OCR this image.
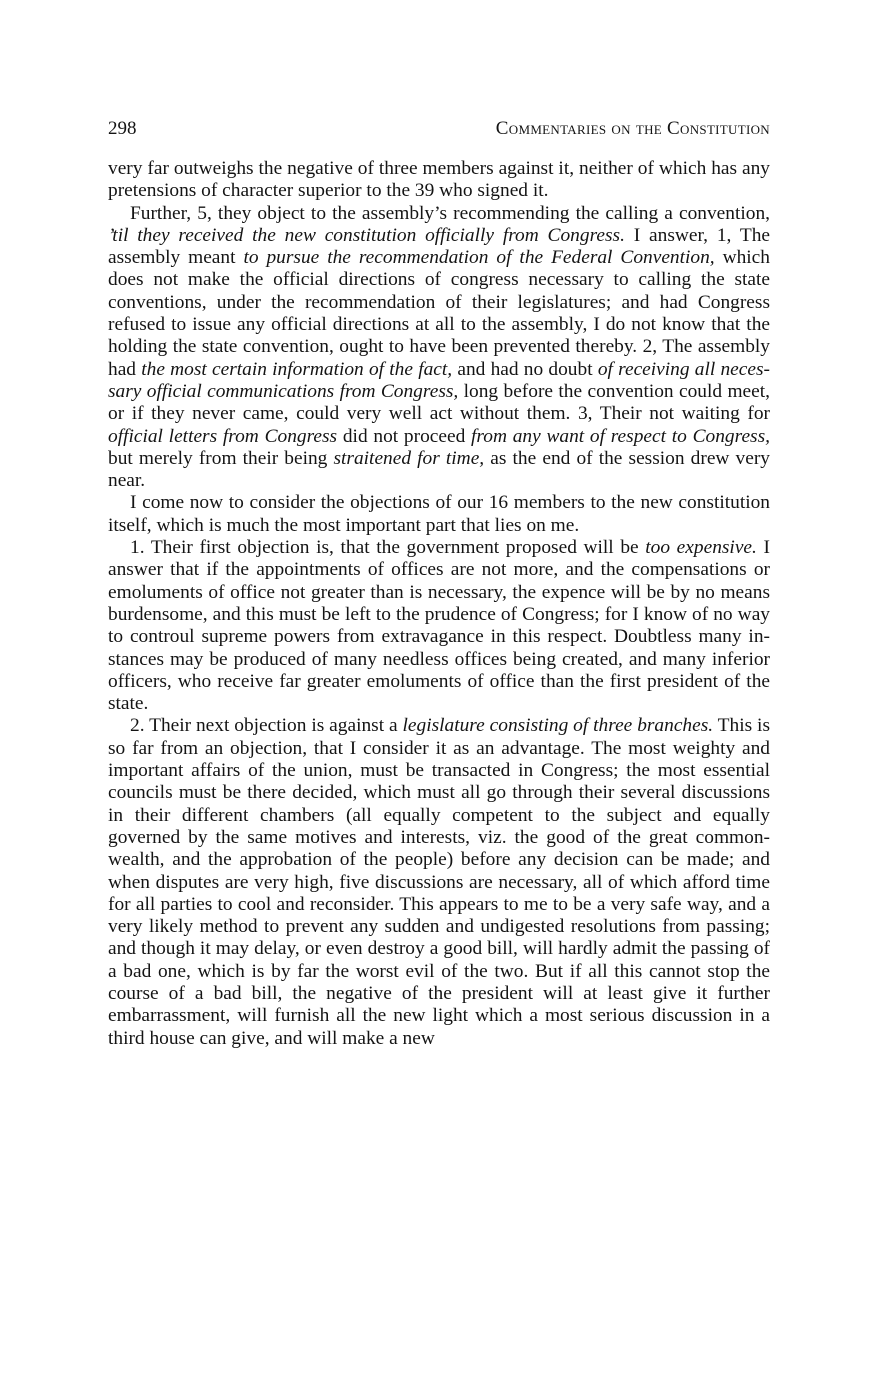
298	Commentaries on the Constitution

very far outweighs the negative of three members against it, neither of which has any pretensions of character superior to the 39 who signed it.

Further, 5, they object to the assembly’s recommending the calling a convention, ’til they received the new constitution officially from Congress. I answer, 1, The assembly meant to pursue the recommendation of the Federal Convention, which does not make the official directions of congress necessary to calling the state conventions, under the recommendation of their legislatures; and had Congress refused to issue any official directions at all to the assembly, I do not know that the holding the state convention, ought to have been prevented thereby. 2, The assembly had the most certain information of the fact, and had no doubt of receiving all necessary official communications from Congress, long before the convention could meet, or if they never came, could very well act without them. 3, Their not waiting for official letters from Congress did not proceed from any want of respect to Congress, but merely from their being straitened for time, as the end of the session drew very near.

I come now to consider the objections of our 16 members to the new constitution itself, which is much the most important part that lies on me.

1. Their first objection is, that the government proposed will be too expensive. I answer that if the appointments of offices are not more, and the compensations or emoluments of office not greater than is necessary, the expence will be by no means burdensome, and this must be left to the prudence of Congress; for I know of no way to controul supreme powers from extravagance in this respect. Doubtless many instances may be produced of many needless offices being created, and many inferior officers, who receive far greater emoluments of office than the first president of the state.

2. Their next objection is against a legislature consisting of three branches. This is so far from an objection, that I consider it as an advantage. The most weighty and important affairs of the union, must be transacted in Congress; the most essential councils must be there decided, which must all go through their several discussions in their different chambers (all equally competent to the subject and equally governed by the same motives and interests, viz. the good of the great commonwealth, and the approbation of the people) before any decision can be made; and when disputes are very high, five discussions are necessary, all of which afford time for all parties to cool and reconsider. This appears to me to be a very safe way, and a very likely method to prevent any sudden and undigested resolutions from passing; and though it may delay, or even destroy a good bill, will hardly admit the passing of a bad one, which is by far the worst evil of the two. But if all this cannot stop the course of a bad bill, the negative of the president will at least give it further embarrassment, will furnish all the new light which a most serious discussion in a third house can give, and will make a new
